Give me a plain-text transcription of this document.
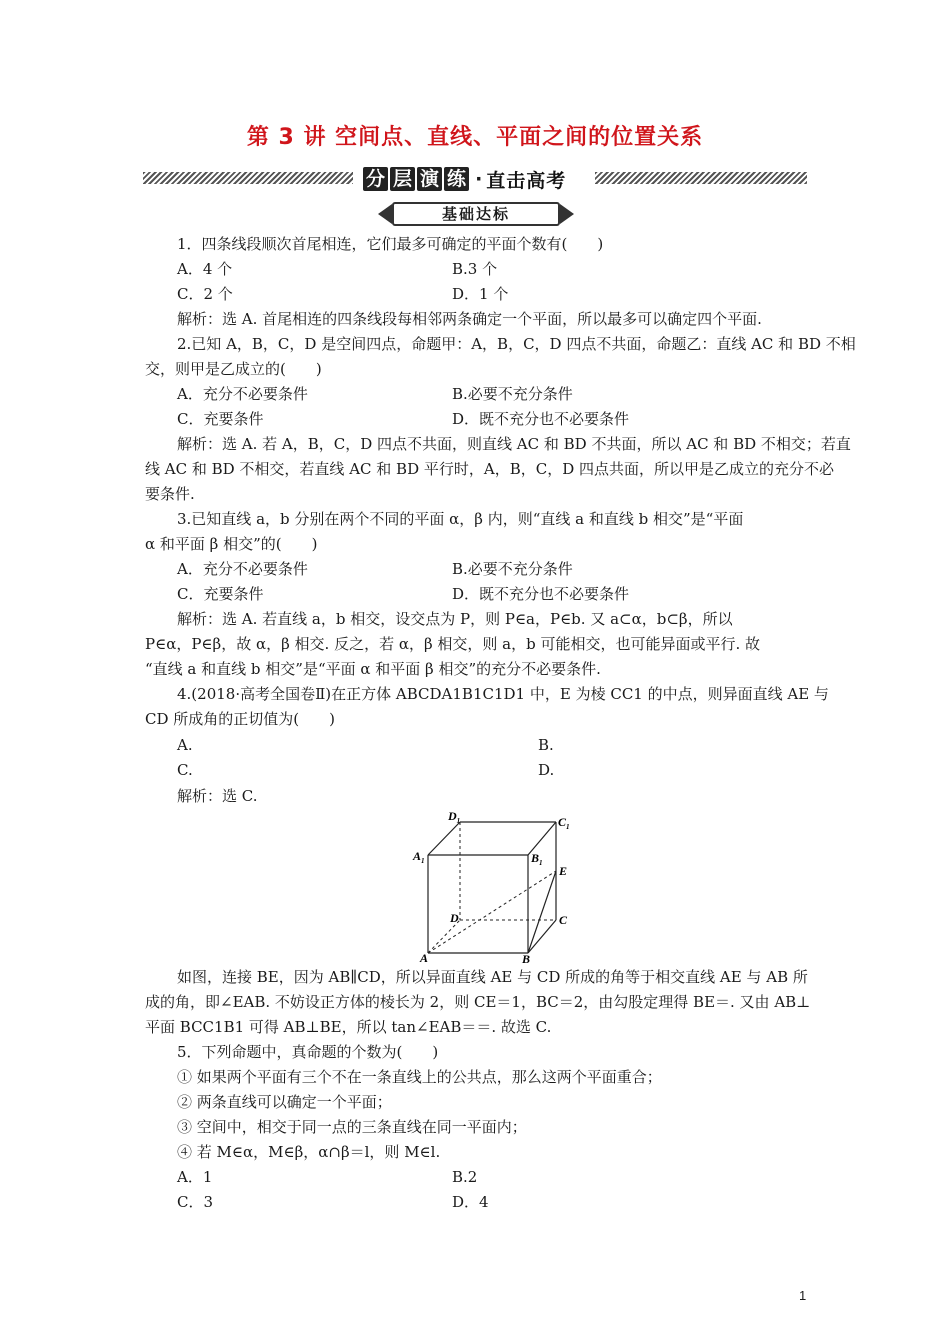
第 3 讲 空间点、直线、平面之间的位置关系
分 层 演 练 · 直击高考
基础达标
1．四条线段顺次首尾相连，它们最多可确定的平面个数有(　　)
A．4 个	B.3 个
C．2 个	D．1 个
解析：选 A. 首尾相连的四条线段每相邻两条确定一个平面，所以最多可以确定四个平面.
2.已知 A，B，C，D 是空间四点，命题甲：A，B，C，D 四点不共面，命题乙：直线 AC 和 BD 不相
交，则甲是乙成立的(　　)
A．充分不必要条件	B.必要不充分条件
C．充要条件	D．既不充分也不必要条件
解析：选 A. 若 A，B，C，D 四点不共面，则直线 AC 和 BD 不共面，所以 AC 和 BD 不相交；若直
线 AC 和 BD 不相交，若直线 AC 和 BD 平行时，A，B，C，D 四点共面，所以甲是乙成立的充分不必
要条件.
3.已知直线 a，b 分别在两个不同的平面 α，β 内，则“直线 a 和直线 b 相交”是“平面
α 和平面 β 相交”的(　　)
A．充分不必要条件	B.必要不充分条件
C．充要条件	D．既不充分也不必要条件
解析：选 A. 若直线 a，b 相交，设交点为 P，则 P∈a，P∈b. 又 a⊂α，b⊂β，所以
P∈α，P∈β，故 α，β 相交. 反之，若 α，β 相交，则 a，b 可能相交，也可能异面或平行. 故
“直线 a 和直线 b 相交”是“平面 α 和平面 β 相交”的充分不必要条件.
4.(2018·高考全国卷Ⅱ)在正方体 ABCDA1B1C1D1 中，E 为棱 CC1 的中点，则异面直线 AE 与
CD 所成角的正切值为(　　)
A.	B.
C.	D.
解析：选 C.
如图，连接 BE，因为 AB∥CD，所以异面直线 AE 与 CD 所成的角等于相交直线 AE 与 AB 所
成的角，即∠EAB. 不妨设正方体的棱长为 2，则 CE＝1，BC＝2，由勾股定理得 BE＝. 又由 AB⊥
平面 BCC1B1 可得 AB⊥BE，所以 tan∠EAB＝＝. 故选 C.
5．下列命题中，真命题的个数为(　　)
① 如果两个平面有三个不在一条直线上的公共点，那么这两个平面重合；
② 两条直线可以确定一个平面；
③ 空间中，相交于同一点的三条直线在同一平面内；
④ 若 M∈α，M∈β，α∩β＝l，则 M∈l.
A．1	B.2
C．3	D．4
$D_1$	$C_1$
$A_1$	$B_1$
E
D	C
A	B
1
